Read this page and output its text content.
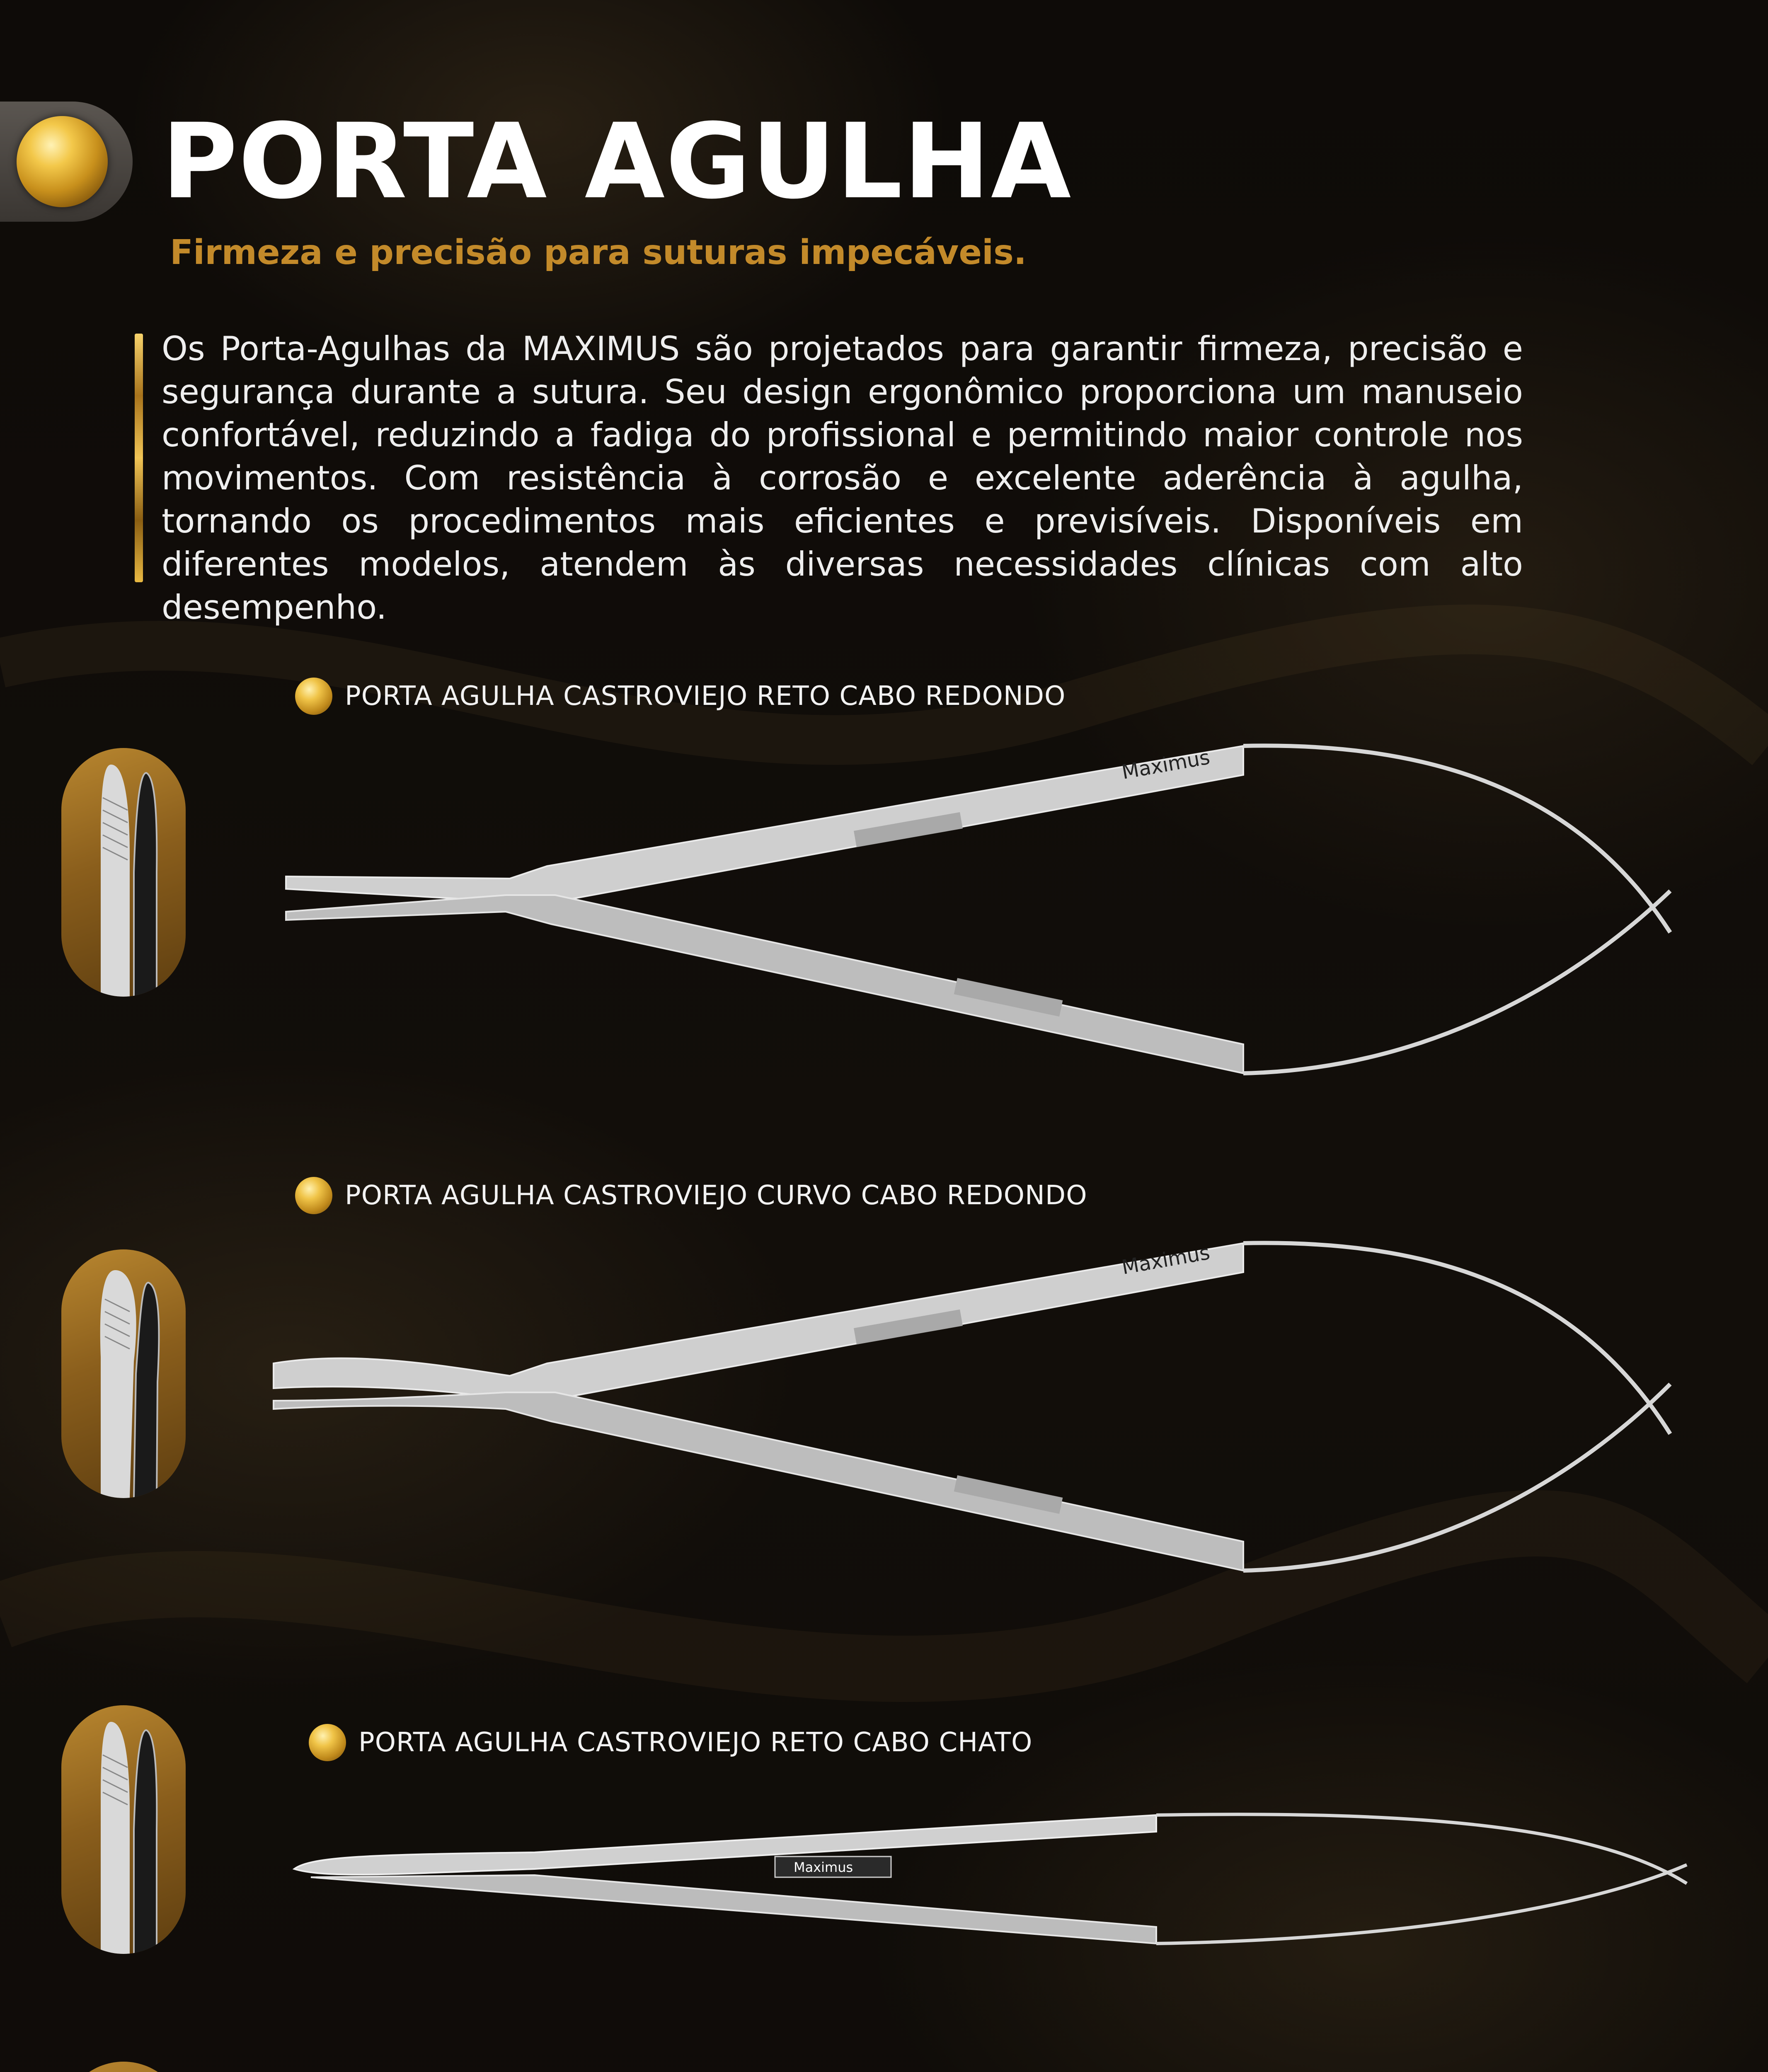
PORTA AGULHA

Firmeza e precisão para suturas impecáveis.

Os Porta-Agulhas da MAXIMUS são projetados para garantir firmeza, precisão e segurança durante a sutura. Seu design ergonômico proporciona um manuseio confortável, reduzindo a fadiga do profissional e permitindo maior controle nos movimentos. Com resistência à corrosão e excelente aderência à agulha, tornando os procedimentos mais eficientes e previsíveis. Disponíveis em diferentes modelos, atendem às diversas necessidades clínicas com alto desempenho.

PORTA AGULHA CASTROVIEJO RETO CABO REDONDO
Maximus
PORTA AGULHA CASTROVIEJO CURVO CABO REDONDO
Maximus
PORTA AGULHA CASTROVIEJO RETO CABO CHATO
Maximus
